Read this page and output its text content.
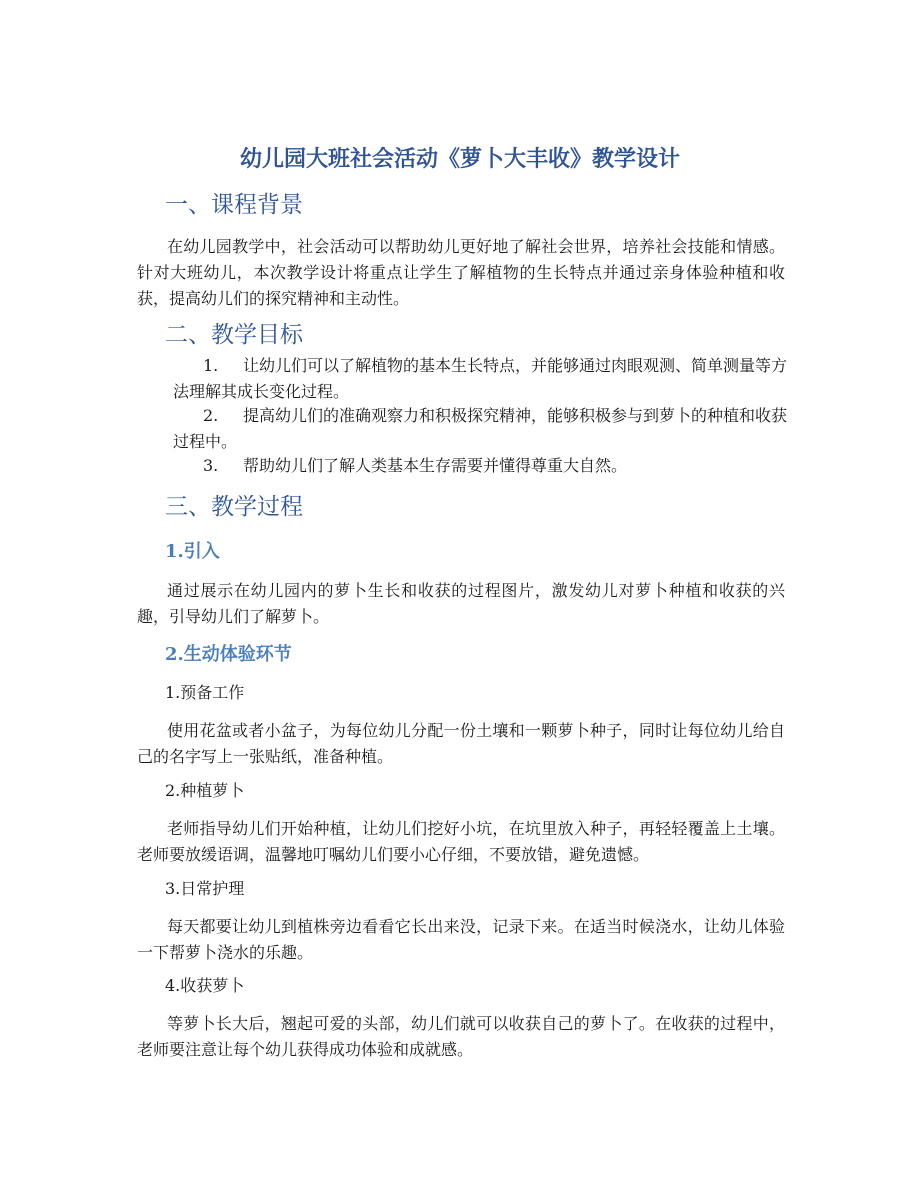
幼儿园大班社会活动《萝卜大丰收》教学设计
一、课程背景

在幼儿园教学中，社会活动可以帮助幼儿更好地了解社会世界，培养社会技能和情感。针对大班幼儿，本次教学设计将重点让学生了解植物的生长特点并通过亲身体验种植和收获，提高幼儿们的探究精神和主动性。

二、教学目标

1. 让幼儿们可以了解植物的基本生长特点，并能够通过肉眼观测、简单测量等方法理解其成长变化过程。

2. 提高幼儿们的准确观察力和积极探究精神，能够积极参与到萝卜的种植和收获过程中。

3. 帮助幼儿们了解人类基本生存需要并懂得尊重大自然。

三、教学过程
1.引入

通过展示在幼儿园内的萝卜生长和收获的过程图片，激发幼儿对萝卜种植和收获的兴趣，引导幼儿们了解萝卜。

2.生动体验环节

1.预备工作

使用花盆或者小盆子，为每位幼儿分配一份土壤和一颗萝卜种子，同时让每位幼儿给自己的名字写上一张贴纸，准备种植。

2.种植萝卜

老师指导幼儿们开始种植，让幼儿们挖好小坑，在坑里放入种子，再轻轻覆盖上土壤。老师要放缓语调，温馨地叮嘱幼儿们要小心仔细，不要放错，避免遗憾。

3.日常护理

每天都要让幼儿到植株旁边看看它长出来没，记录下来。在适当时候浇水，让幼儿体验一下帮萝卜浇水的乐趣。

4.收获萝卜

等萝卜长大后，翘起可爱的头部，幼儿们就可以收获自己的萝卜了。在收获的过程中，老师要注意让每个幼儿获得成功体验和成就感。
